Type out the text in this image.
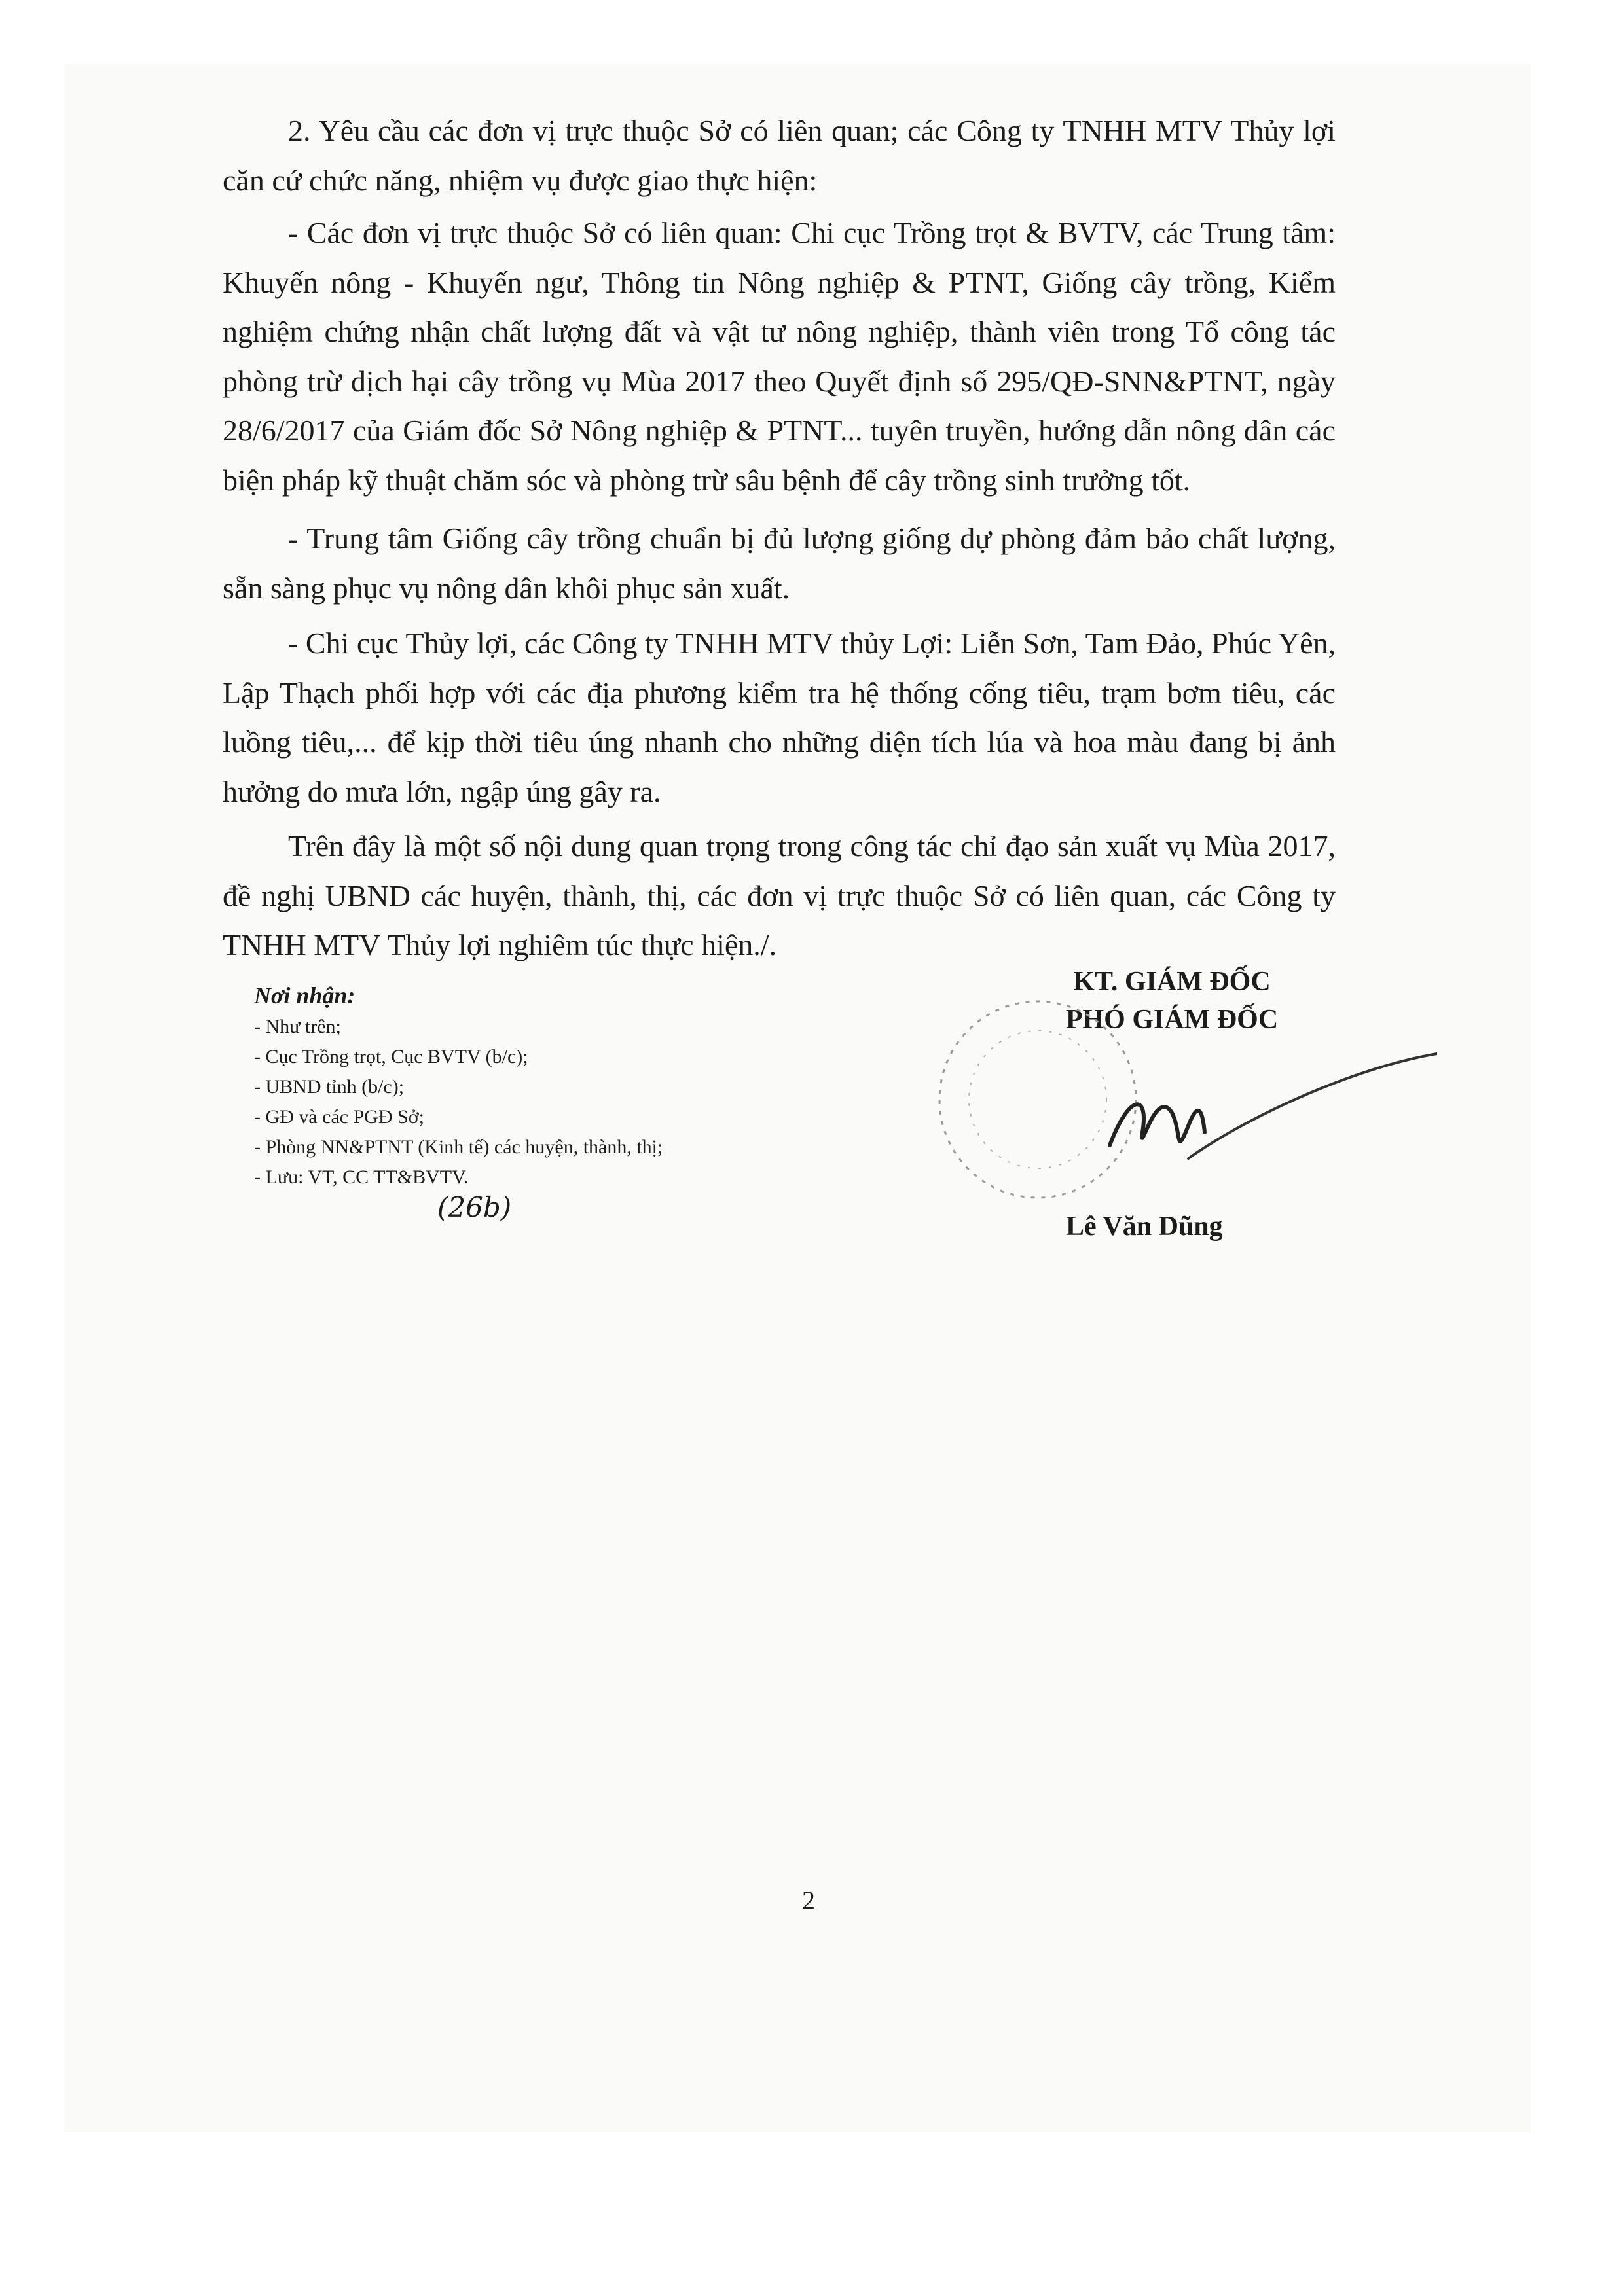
2. Yêu cầu các đơn vị trực thuộc Sở có liên quan; các Công ty TNHH MTV Thủy lợi căn cứ chức năng, nhiệm vụ được giao thực hiện:

- Các đơn vị trực thuộc Sở có liên quan: Chi cục Trồng trọt & BVTV, các Trung tâm: Khuyến nông - Khuyến ngư, Thông tin Nông nghiệp & PTNT, Giống cây trồng, Kiểm nghiệm chứng nhận chất lượng đất và vật tư nông nghiệp, thành viên trong Tổ công tác phòng trừ dịch hại cây trồng vụ Mùa 2017 theo Quyết định số 295/QĐ-SNN&PTNT, ngày 28/6/2017 của Giám đốc Sở Nông nghiệp & PTNT... tuyên truyền, hướng dẫn nông dân các biện pháp kỹ thuật chăm sóc và phòng trừ sâu bệnh để cây trồng sinh trưởng tốt.

- Trung tâm Giống cây trồng chuẩn bị đủ lượng giống dự phòng đảm bảo chất lượng, sẵn sàng phục vụ nông dân khôi phục sản xuất.

- Chi cục Thủy lợi, các Công ty TNHH MTV thủy Lợi: Liễn Sơn, Tam Đảo, Phúc Yên, Lập Thạch phối hợp với các địa phương kiểm tra hệ thống cống tiêu, trạm bơm tiêu, các luồng tiêu,... để kịp thời tiêu úng nhanh cho những diện tích lúa và hoa màu đang bị ảnh hưởng do mưa lớn, ngập úng gây ra.

Trên đây là một số nội dung quan trọng trong công tác chỉ đạo sản xuất vụ Mùa 2017, đề nghị UBND các huyện, thành, thị, các đơn vị trực thuộc Sở có liên quan, các Công ty TNHH MTV Thủy lợi nghiêm túc thực hiện./.

Nơi nhận:
- Như trên;
- Cục Trồng trọt, Cục BVTV (b/c);
- UBND tỉnh (b/c);
- GĐ và các PGĐ Sở;
- Phòng NN&PTNT (Kinh tế) các huyện, thành, thị;
- Lưu: VT, CC TT&BVTV.
(26b)
KT. GIÁM ĐỐC
PHÓ GIÁM ĐỐC
Lê Văn Dũng
2
